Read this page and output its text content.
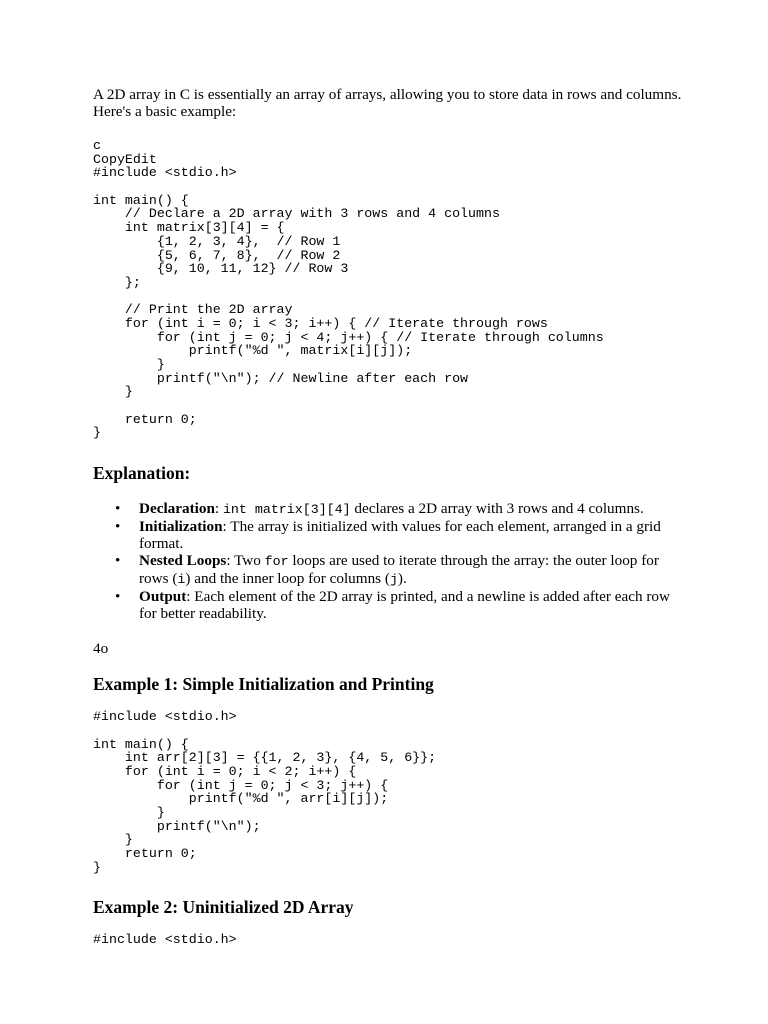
A 2D array in C is essentially an array of arrays, allowing you to store data in rows and columns. Here's a basic example:

c
CopyEdit
#include <stdio.h>
int main() {
// Declare a 2D array with 3 rows and 4 columns
int matrix[3][4] = {
{1, 2, 3, 4},  // Row 1
{5, 6, 7, 8},  // Row 2
{9, 10, 11, 12} // Row 3
};
// Print the 2D array
for (int i = 0; i < 3; i++) { // Iterate through rows
for (int j = 0; j < 4; j++) { // Iterate through columns
printf("%d ", matrix[i][j]);
}
printf("\n"); // Newline after each row
}
return 0;
}
Explanation:
• Declaration: int matrix[3][4] declares a 2D array with 3 rows and 4 columns.
• Initialization: The array is initialized with values for each element, arranged in a grid format.
• Nested Loops: Two for loops are used to iterate through the array: the outer loop for rows (i) and the inner loop for columns (j).
• Output: Each element of the 2D array is printed, and a newline is added after each row for better readability.

4o

Example 1: Simple Initialization and Printing
#include <stdio.h>
int main() {
int arr[2][3] = {{1, 2, 3}, {4, 5, 6}};
for (int i = 0; i < 2; i++) {
for (int j = 0; j < 3; j++) {
printf("%d ", arr[i][j]);
}
printf("\n");
}
return 0;
}
Example 2: Uninitialized 2D Array
#include <stdio.h>
